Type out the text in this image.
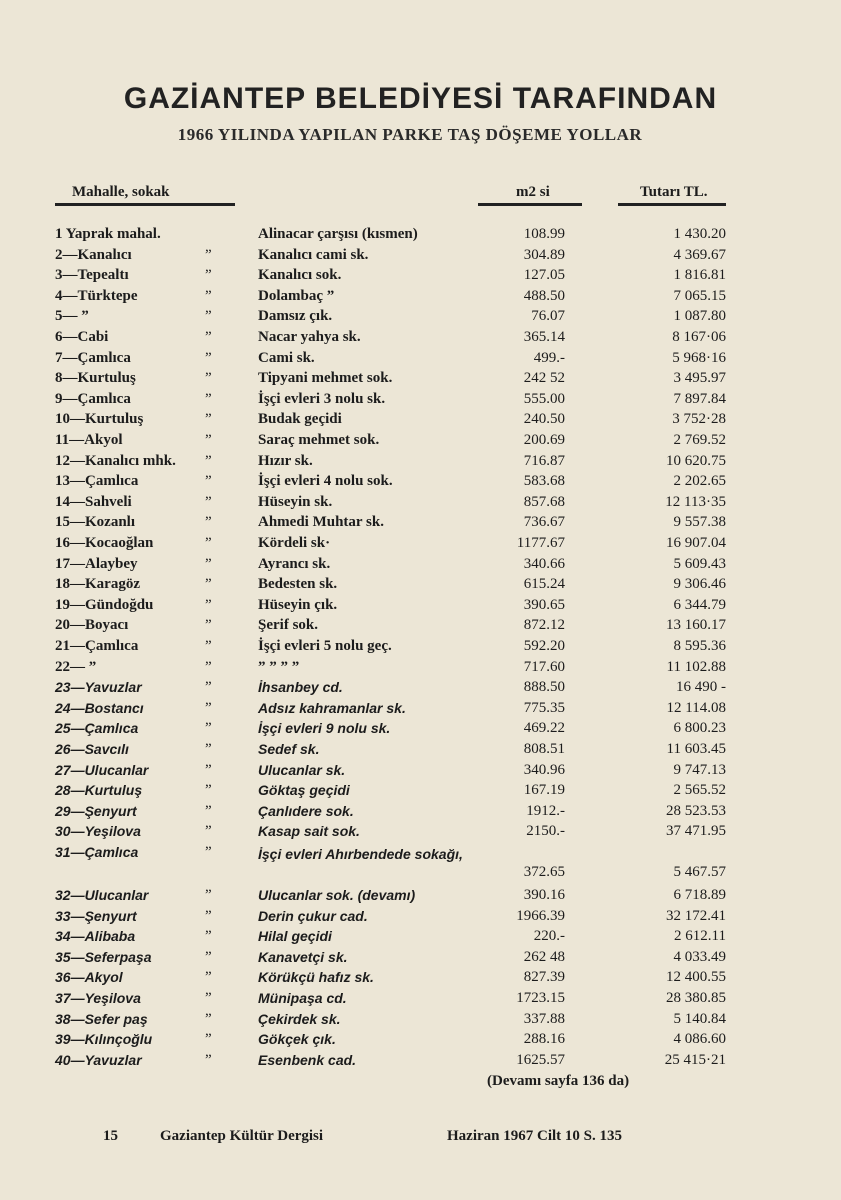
GAZİANTEP BELEDİYESİ TARAFINDAN
1966 YILINDA YAPILAN PARKE TAŞ DÖŞEME YOLLAR
Mahalle, sokak	m2 si	Tutarı TL.
1 Yaprak mahal.	Alinacar çarşısı (kısmen)	108.99	1 430.20
2—Kanalıcı	”	Kanalıcı cami sk.	304.89	4 369.67
3—Tepealtı	”	Kanalıcı sok.	127.05	1 816.81
4—Türktepe	”	Dolambaç ”	488.50	7 065.15
5— ”	”	Damsız çık.	76.07	1 087.80
6—Cabi	”	Nacar yahya sk.	365.14	8 167·06
7—Çamlıca	”	Cami sk.	499.-	5 968·16
8—Kurtuluş	”	Tipyani mehmet sok.	242 52	3 495.97
9—Çamlıca	”	İşçi evleri 3 nolu sk.	555.00	7 897.84
10—Kurtuluş	”	Budak geçidi	240.50	3 752·28
11—Akyol	”	Saraç mehmet sok.	200.69	2 769.52
12—Kanalıcı mhk. ”	Hızır sk.	716.87	10 620.75
13—Çamlıca	”	İşçi evleri 4 nolu sok.	583.68	2 202.65
14—Sahveli	”	Hüseyin sk.	857.68	12 113·35
15—Kozanlı	”	Ahmedi Muhtar sk.	736.67	9 557.38
16—Kocaoğlan	”	Kördeli sk·	1177.67	16 907.04
17—Alaybey	”	Ayrancı sk.	340.66	5 609.43
18—Karagöz	”	Bedesten sk.	615.24	9 306.46
19—Gündoğdu	”	Hüseyin çık.	390.65	6 344.79
20—Boyacı	”	Şerif sok.	872.12	13 160.17
21—Çamlıca	”	İşçi evleri 5 nolu geç.	592.20	8 595.36
22— ”	”	” ” ” ”	717.60	11 102.88
23—Yavuzlar	”	İhsanbey cd.	888.50	16 490 -
24—Bostancı	”	Adsız kahramanlar sk.	775.35	12 114.08
25—Çamlıca	”	İşçi evleri 9 nolu sk.	469.22	6 800.23
26—Savcılı	”	Sedef sk.	808.51	11 603.45
27—Ulucanlar	”	Ulucanlar sk.	340.96	9 747.13
28—Kurtuluş	”	Göktaş geçidi	167.19	2 565.52
29—Şenyurt	”	Çanlıdere sok.	1912.-	28 523.53
30—Yeşilova	”	Kasap sait sok.	2150.-	37 471.95
31—Çamlıca	”	İşçi evleri Ahırbendede sokağı,
372.65	5 467.57
32—Ulucanlar	”	Ulucanlar sok. (devamı)	390.16	6 718.89
33—Şenyurt	”	Derin çukur cad.	1966.39	32 172.41
34—Alibaba	”	Hilal geçidi	220.-	2 612.11
35—Seferpaşa	”	Kanavetçi sk.	262 48	4 033.49
36—Akyol	”	Körükçü hafız sk.	827.39	12 400.55
37—Yeşilova	”	Münipaşa cd.	1723.15	28 380.85
38—Sefer paş	”	Çekirdek sk.	337.88	5 140.84
39—Kılınçoğlu	”	Gökçek çık.	288.16	4 086.60
40—Yavuzlar	”	Esenbenk cad.	1625.57	25 415·21
(Devamı sayfa 136 da)
15	Gaziantep Kültür Dergisi	Haziran 1967 Cilt 10 S. 135
